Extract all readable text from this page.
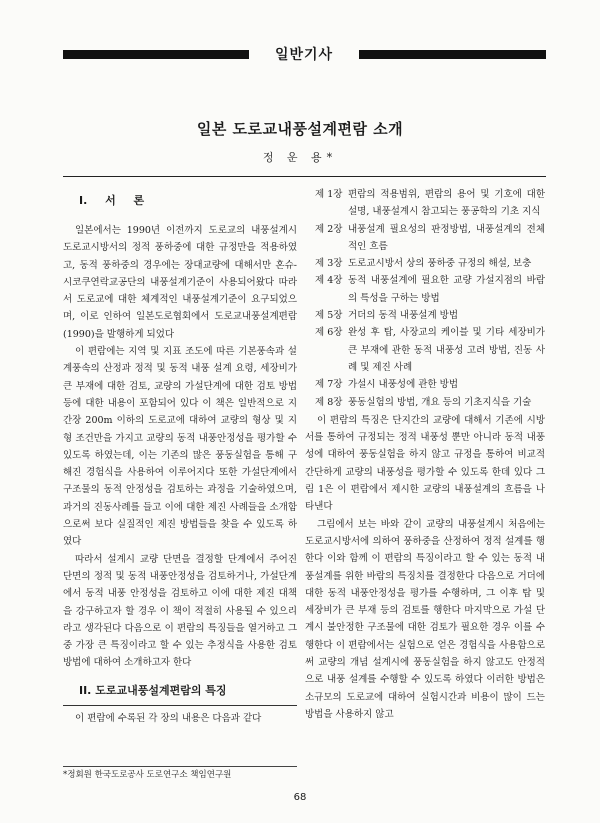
일반기사
일본 도로교내풍설계편람 소개
정 운 용*
I. 서 론

일본에서는 1990년 이전까지 도로교의 내풍설계시 도로교시방서의 정적 풍하중에 대한 규정만을 적용하였고, 동적 풍하중의 경우에는 장대교량에 대해서만 혼슈-시코쿠연락교공단의 내풍설계기준이 사용되어왔다 따라서 도로교에 대한 체계적인 내풍설계기준이 요구되었으며, 이로 인하여 일본도로협회에서 도로교내풍설계편람(1990)을 발행하게 되었다

이 편람에는 지역 및 지표 조도에 따른 기본풍속과 설계풍속의 산정과 정적 및 동적 내풍 설계 요령, 세장비가 큰 부재에 대한 검토, 교량의 가설단계에 대한 검토 방법 등에 대한 내용이 포함되어 있다 이 책은 일반적으로 지간장 200m 이하의 도로교에 대하여 교량의 형상 및 지형 조건만을 가지고 교량의 동적 내풍안정성을 평가할 수 있도록 하였는데, 이는 기존의 많은 풍동실험을 통해 구해진 경험식을 사용하여 이루어지다 또한 가설단계에서 구조물의 동적 안정성을 검토하는 과정을 기술하였으며, 과거의 진동사례를 들고 이에 대한 제진 사례들을 소개함으로써 보다 실질적인 제진 방법들을 찾을 수 있도록 하였다

따라서 설계시 교량 단면을 결정할 단계에서 주어진 단면의 정적 및 동적 내풍안정성을 검토하거나, 가설단계에서 동적 내풍 안정성을 검토하고 이에 대한 제진 대책을 강구하고자 할 경우 이 책이 적절히 사용될 수 있으리라고 생각된다 다음으로 이 편람의 특징들을 열거하고 그 중 가장 큰 특징이라고 할 수 있는 추정식을 사용한 검토방법에 대하여 소개하고자 한다

II. 도로교내풍설계편람의 특징

이 편람에 수록된 각 장의 내용은 다음과 같다

제 1장 편람의 적용범위, 편람의 용어 및 기호에 대한 설명, 내풍설계시 참고되는 풍공학의 기초 지식

제 2장 내풍설계 필요성의 판정방법, 내풍설계의 전체적인 흐름

제 3장 도로교시방서 상의 풍하중 규정의 해설, 보충

제 4장 동적 내풍설계에 필요한 교량 가설지점의 바람의 특성을 구하는 방법

제 5장 거더의 동적 내풍설계 방법

제 6장 완성 후 탑, 사장교의 케이블 및 기타 세장비가 큰 부재에 관한 동적 내풍성 고려 방법, 진동 사례 및 제진 사례

제 7장 가설시 내풍성에 관한 방법

제 8장 풍동실험의 방법, 개요 등의 기초지식을 기술

이 편람의 특징은 단지간의 교량에 대해서 기존에 시방서를 통하여 규정되는 정적 내풍성 뿐만 아니라 동적 내풍성에 대하여 풍동실험을 하지 않고 규정을 통하여 비교적 간단하게 교량의 내풍성을 평가할 수 있도록 한데 있다 그림 1은 이 편람에서 제시한 교량의 내풍설계의 흐름을 나타낸다

그림에서 보는 바와 같이 교량의 내풍설계시 처음에는 도로교시방서에 의하여 풍하중을 산정하여 정적 설계를 행한다 이와 함께 이 편람의 특징이라고 할 수 있는 동적 내풍설계를 위한 바람의 특징치를 결정한다 다음으로 거더에 대한 동적 내풍안정성을 평가를 수행하며, 그 이후 탑 및 세장비가 큰 부재 등의 검토를 행한다 마지막으로 가설 단계시 불안정한 구조물에 대한 검토가 필요한 경우 이를 수행한다 이 편람에서는 실험으로 얻은 경험식을 사용함으로써 교량의 개념 설계시에 풍동실험을 하지 않고도 안정적으로 내풍 설계를 수행할 수 있도록 하였다 이러한 방법은 소규모의 도로교에 대하여 실험시간과 비용이 많이 드는 방법을 사용하지 않고

*정회원 한국도로공사 도로연구소 책임연구원
68
